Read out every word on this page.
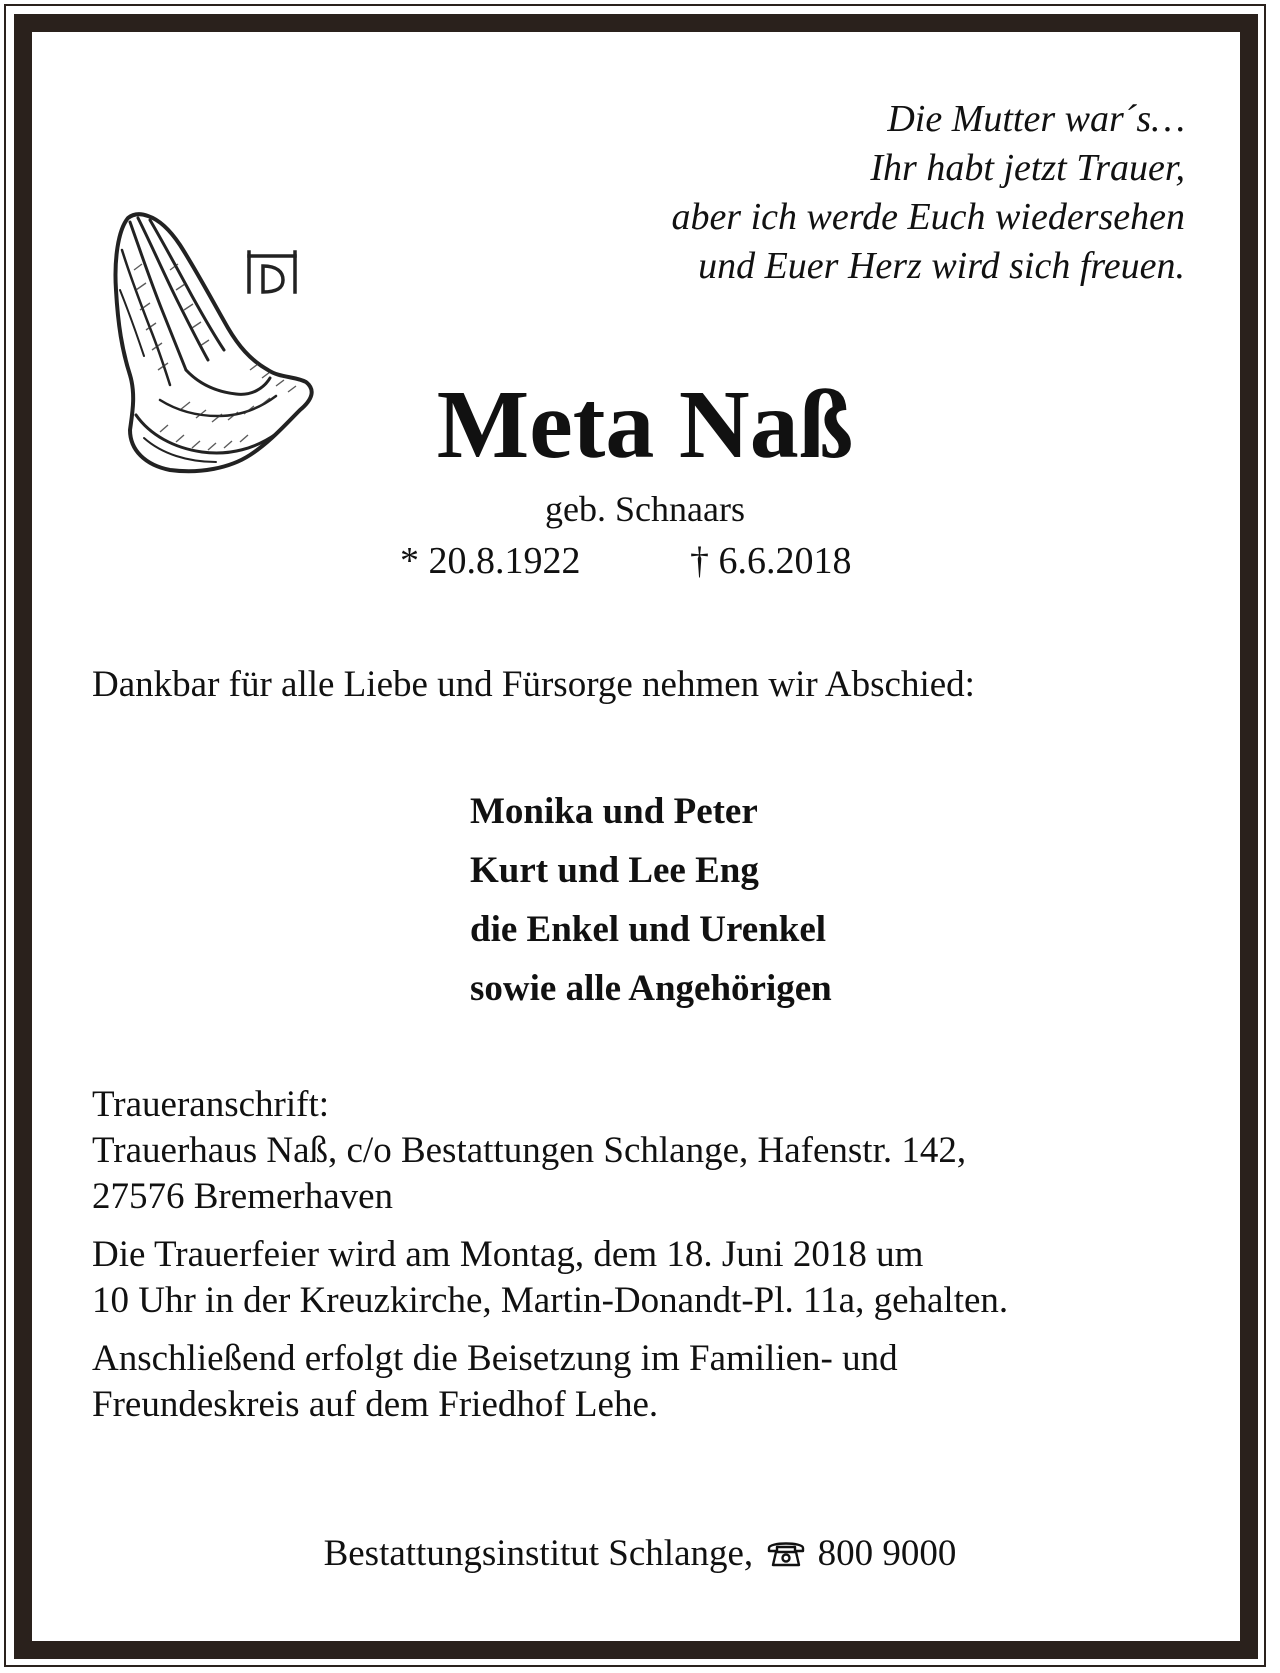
Die Mutter war´s…
Ihr habt jetzt Trauer,
aber ich werde Euch wiedersehen
und Euer Herz wird sich freuen.
Meta Naß
geb. Schnaars
* 20.8.1922	† 6.6.2018
Dankbar für alle Liebe und Fürsorge nehmen wir Abschied:
Monika und Peter
Kurt und Lee Eng
die Enkel und Urenkel
sowie alle Angehörigen
Traueranschrift:
Trauerhaus Naß, c/o Bestattungen Schlange, Hafenstr. 142,
27576 Bremerhaven
Die Trauerfeier wird am Montag, dem 18. Juni 2018 um
10 Uhr in der Kreuzkirche, Martin-Donandt-Pl. 11a, gehalten.
Anschließend erfolgt die Beisetzung im Familien- und
Freundeskreis auf dem Friedhof Lehe.
Bestattungsinstitut Schlange, 800 9000
